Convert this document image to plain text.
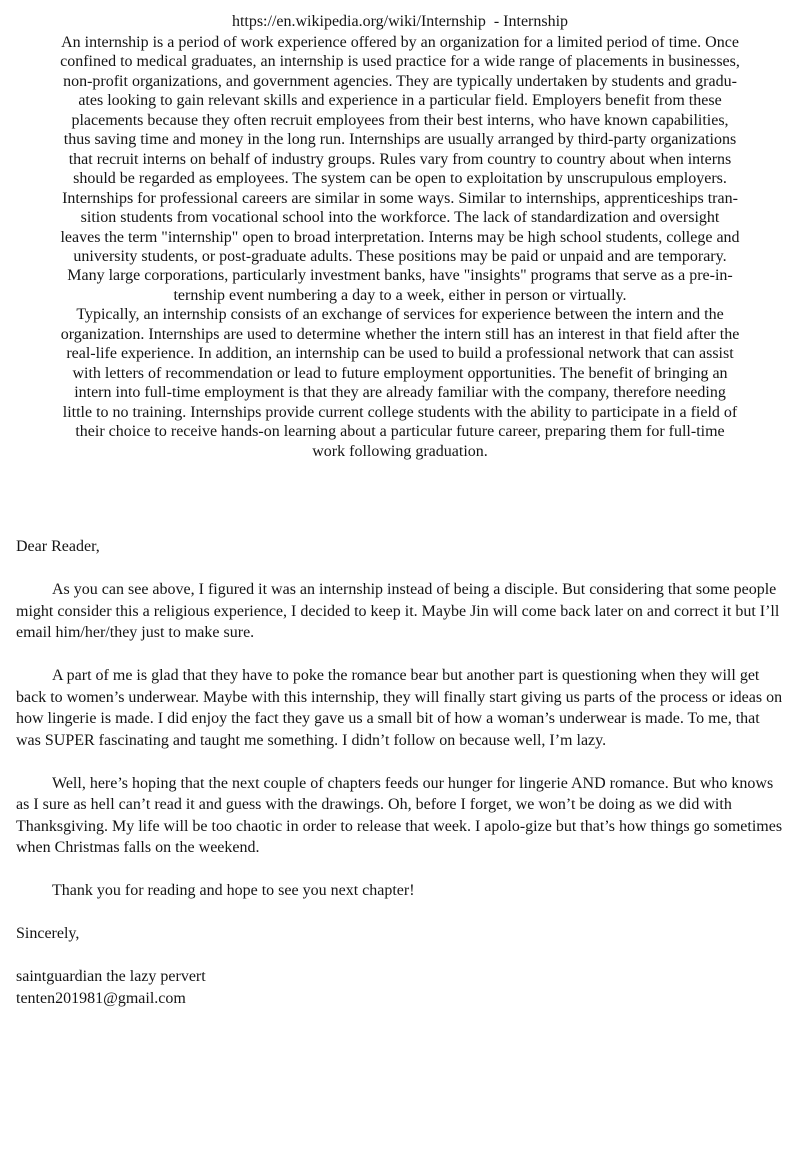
https://en.wikipedia.org/wiki/Internship  - Internship

An internship is a period of work experience offered by an organization for a limited period of time. Once
confined to medical graduates, an internship is used practice for a wide range of placements in businesses,
non-profit organizations, and government agencies. They are typically undertaken by students and gradu-
ates looking to gain relevant skills and experience in a particular field. Employers benefit from these
placements because they often recruit employees from their best interns, who have known capabilities,
thus saving time and money in the long run. Internships are usually arranged by third-party organizations
that recruit interns on behalf of industry groups. Rules vary from country to country about when interns
should be regarded as employees. The system can be open to exploitation by unscrupulous employers.
Internships for professional careers are similar in some ways. Similar to internships, apprenticeships tran-
sition students from vocational school into the workforce. The lack of standardization and oversight
leaves the term "internship" open to broad interpretation. Interns may be high school students, college and
university students, or post-graduate adults. These positions may be paid or unpaid and are temporary.
Many large corporations, particularly investment banks, have "insights" programs that serve as a pre-in-
ternship event numbering a day to a week, either in person or virtually.

Typically, an internship consists of an exchange of services for experience between the intern and the
organization. Internships are used to determine whether the intern still has an interest in that field after the
real-life experience. In addition, an internship can be used to build a professional network that can assist
with letters of recommendation or lead to future employment opportunities. The benefit of bringing an
intern into full-time employment is that they are already familiar with the company, therefore needing
little to no training. Internships provide current college students with the ability to participate in a field of
their choice to receive hands-on learning about a particular future career, preparing them for full-time
work following graduation.

Dear Reader,

As you can see above, I figured it was an internship instead of being a disciple. But considering that some people might consider this a religious experience, I decided to keep it. Maybe Jin will come back later on and correct it but I’ll email him/her/they just to make sure.

A part of me is glad that they have to poke the romance bear but another part is questioning when they will get back to women’s underwear. Maybe with this internship, they will finally start giving us parts of the process or ideas on how lingerie is made. I did enjoy the fact they gave us a small bit of how a woman’s underwear is made. To me, that was SUPER fascinating and taught me something. I didn’t follow on because well, I’m lazy.

Well, here’s hoping that the next couple of chapters feeds our hunger for lingerie AND romance. But who knows as I sure as hell can’t read it and guess with the drawings. Oh, before I forget, we won’t be doing as we did with Thanksgiving. My life will be too chaotic in order to release that week. I apolo-gize but that’s how things go sometimes when Christmas falls on the weekend.

Thank you for reading and hope to see you next chapter!

Sincerely,

saintguardian the lazy pervert

tenten201981@gmail.com
